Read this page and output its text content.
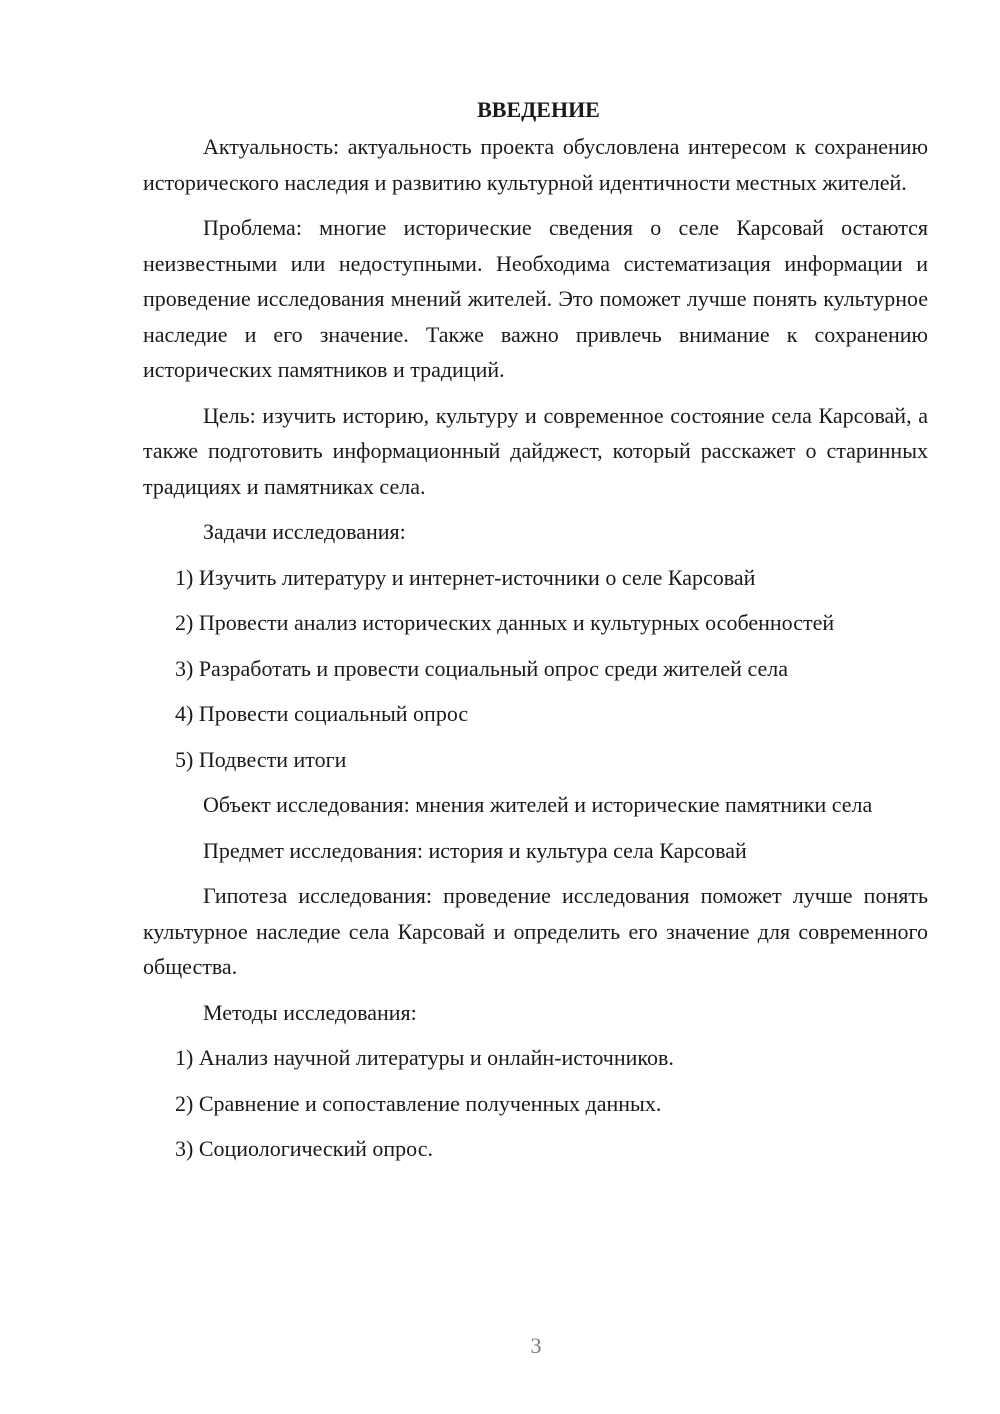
ВВЕДЕНИЕ

Актуальность: актуальность проекта обусловлена интересом к сохранению исторического наследия и развитию культурной идентичности местных жителей.

Проблема: многие исторические сведения о селе Карсовай остаются неизвестными или недоступными. Необходима систематизация информации и проведение исследования мнений жителей. Это поможет лучше понять культурное наследие и его значение. Также важно привлечь внимание к сохранению исторических памятников и традиций.

Цель: изучить историю, культуру и современное состояние села Карсовай, а также подготовить информационный дайджест, который расскажет о старинных традициях и памятниках села.

Задачи исследования:

1) Изучить литературу и интернет-источники о селе Карсовай
2) Провести анализ исторических данных и культурных особенностей
3) Разработать и провести социальный опрос среди жителей села
4) Провести социальный опрос
5) Подвести итоги

Объект исследования: мнения жителей и исторические памятники села

Предмет исследования: история и культура села Карсовай

Гипотеза исследования: проведение исследования поможет лучше понять культурное наследие села Карсовай и определить его значение для современного общества.

Методы исследования:

1) Анализ научной литературы и онлайн-источников.
2) Сравнение и сопоставление полученных данных.
3) Социологический опрос.
3
